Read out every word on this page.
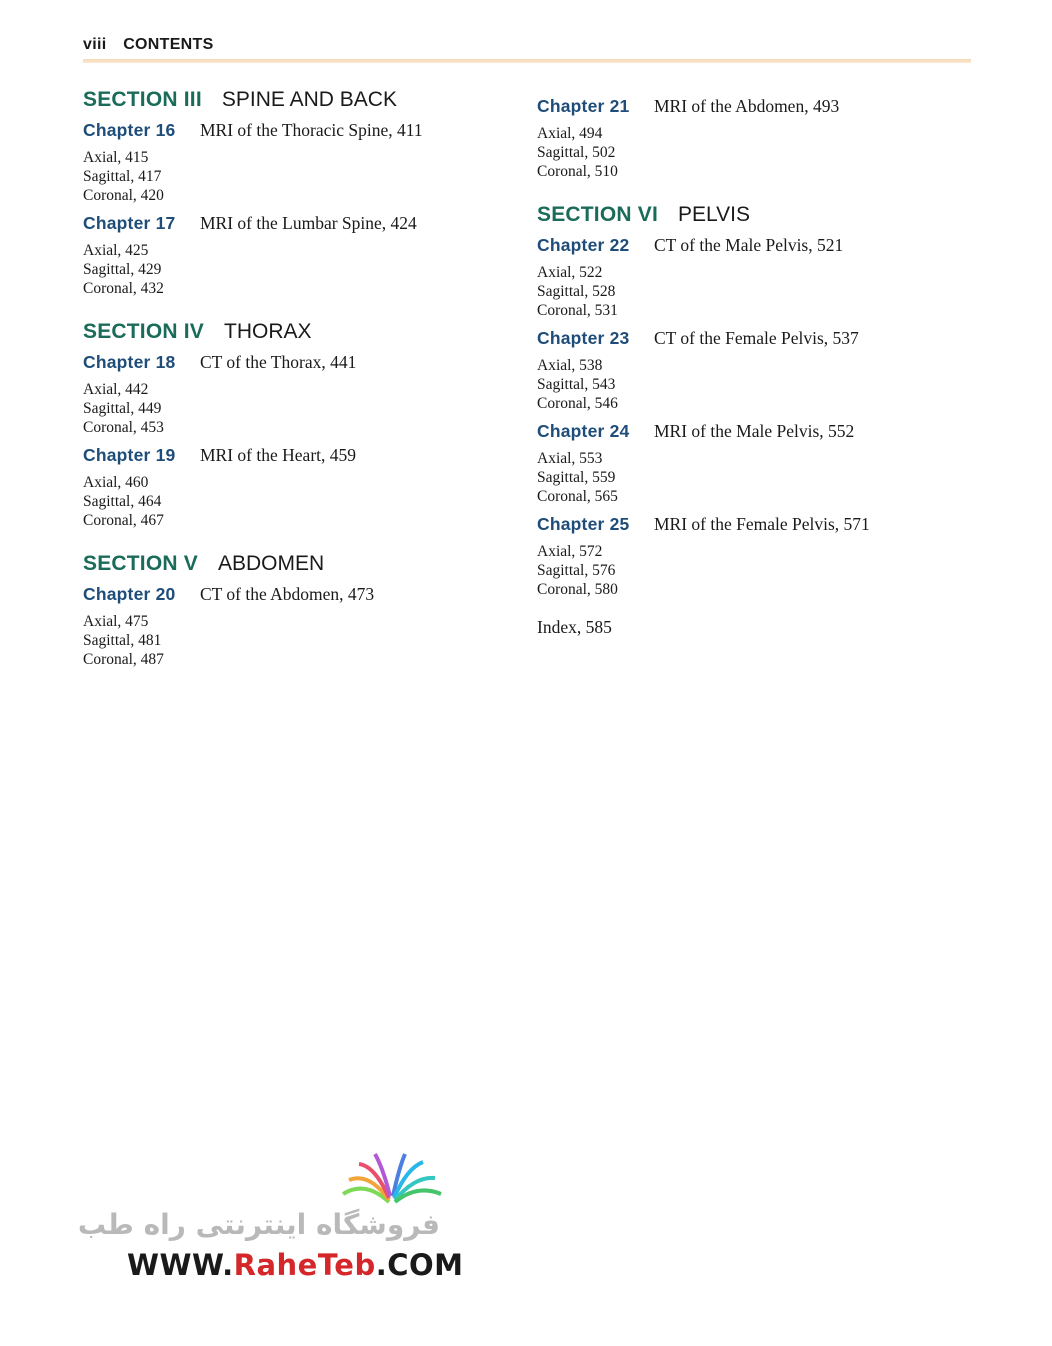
viii CONTENTS
SECTION III SPINE AND BACK
Chapter 16	MRI of the Thoracic Spine, 411
Axial, 415
Sagittal, 417
Coronal, 420
Chapter 17	MRI of the Lumbar Spine, 424
Axial, 425
Sagittal, 429
Coronal, 432
SECTION IV THORAX
Chapter 18	CT of the Thorax, 441
Axial, 442
Sagittal, 449
Coronal, 453
Chapter 19	MRI of the Heart, 459
Axial, 460
Sagittal, 464
Coronal, 467
SECTION V ABDOMEN
Chapter 20	CT of the Abdomen, 473
Axial, 475
Sagittal, 481
Coronal, 487
Chapter 21	MRI of the Abdomen, 493
Axial, 494
Sagittal, 502
Coronal, 510
SECTION VI PELVIS
Chapter 22	CT of the Male Pelvis, 521
Axial, 522
Sagittal, 528
Coronal, 531
Chapter 23	CT of the Female Pelvis, 537
Axial, 538
Sagittal, 543
Coronal, 546
Chapter 24	MRI of the Male Pelvis, 552
Axial, 553
Sagittal, 559
Coronal, 565
Chapter 25	MRI of the Female Pelvis, 571
Axial, 572
Sagittal, 576
Coronal, 580
Index, 585
فروشگاه اینترنتی راه طب
WWW.RaheTeb.COM
